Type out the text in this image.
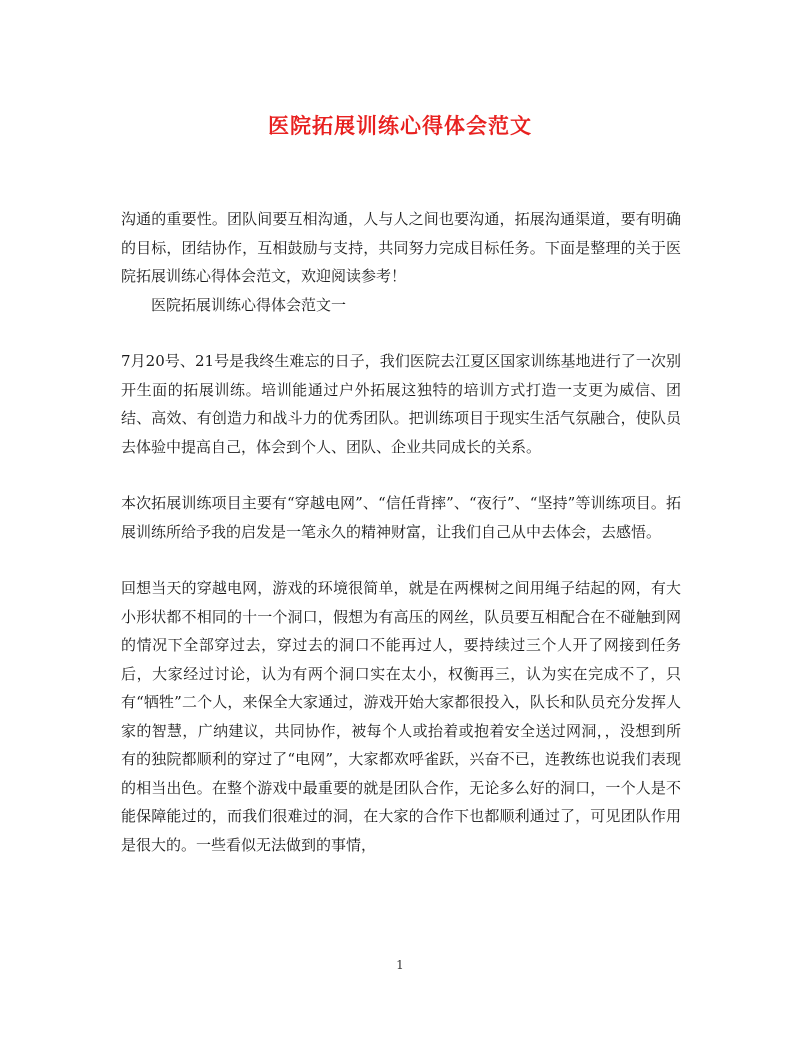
医院拓展训练心得体会范文

沟通的重要性。团队间要互相沟通，人与人之间也要沟通，拓展沟通渠道，要有明确的目标，团结协作，互相鼓励与支持，共同努力完成目标任务。下面是整理的关于医院拓展训练心得体会范文，欢迎阅读参考！

医院拓展训练心得体会范文一

7月20号、21号是我终生难忘的日子，我们医院去江夏区国家训练基地进行了一次别开生面的拓展训练。培训能通过户外拓展这独特的培训方式打造一支更为威信、团结、高效、有创造力和战斗力的优秀团队。把训练项目于现实生活气氛融合，使队员去体验中提高自己，体会到个人、团队、企业共同成长的关系。

本次拓展训练项目主要有“穿越电网”、“信任背摔”、“夜行”、“坚持”等训练项目。拓展训练所给予我的启发是一笔永久的精神财富，让我们自己从中去体会，去感悟。

回想当天的穿越电网，游戏的环境很简单，就是在两棵树之间用绳子结起的网，有大小形状都不相同的十一个洞口，假想为有高压的网丝，队员要互相配合在不碰触到网的情况下全部穿过去，穿过去的洞口不能再过人，要持续过三个人开了网接到任务后，大家经过讨论，认为有两个洞口实在太小，权衡再三，认为实在完成不了，只有“牺牲”二个人，来保全大家通过，游戏开始大家都很投入，队长和队员充分发挥人家的智慧，广纳建议，共同协作，被每个人或抬着或抱着安全送过网洞，，没想到所有的独院都顺利的穿过了“电网”，大家都欢呼雀跃，兴奋不已，连教练也说我们表现的相当出色。在整个游戏中最重要的就是团队合作，无论多么好的洞口，一个人是不能保障能过的，而我们很难过的洞，在大家的合作下也都顺利通过了，可见团队作用是很大的。一些看似无法做到的事情，

1
